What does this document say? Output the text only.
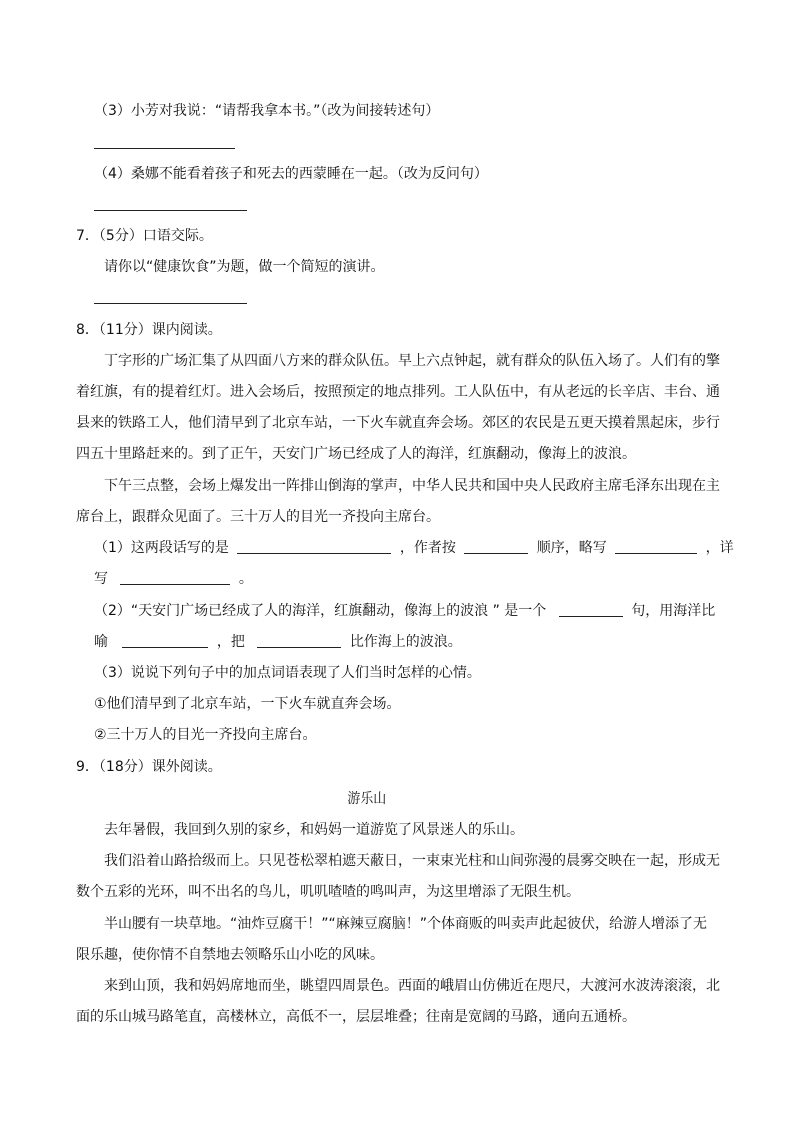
（3）小芳对我说：“请帮我拿本书。”（改为间接转述句）
（4）桑娜不能看着孩子和死去的西蒙睡在一起。（改为反问句）
7．（5分）口语交际。
请你以“健康饮食”为题，做一个简短的演讲。
8．（11分）课内阅读。
丁字形的广场汇集了从四面八方来的群众队伍。早上六点钟起，就有群众的队伍入场了。人们有的擎
着红旗，有的提着红灯。进入会场后，按照预定的地点排列。工人队伍中，有从老远的长辛店、丰台、通
县来的铁路工人，他们清早到了北京车站，一下火车就直奔会场。郊区的农民是五更天摸着黑起床，步行
四五十里路赶来的。到了正午，天安门广场已经成了人的海洋，红旗翻动，像海上的波浪。
下午三点整，会场上爆发出一阵排山倒海的掌声，中华人民共和国中央人民政府主席毛泽东出现在主
席台上，跟群众见面了。三十万人的目光一齐投向主席台。
（1）这两段话写的是	，作者按	顺序，略写	，详
写	。
（2）“天安门广场已经成了人的海洋，红旗翻动，像海上的波浪 ” 是一个	句，用海洋比
喻	，把	比作海上的波浪。
（3）说说下列句子中的加点词语表现了人们当时怎样的心情。
①他们清早到了北京车站，一下火车就直奔会场。
②三十万人的目光一齐投向主席台。
9．（18分）课外阅读。
游乐山
去年暑假，我回到久别的家乡，和妈妈一道游览了风景迷人的乐山。
我们沿着山路拾级而上。只见苍松翠柏遮天蔽日，一束束光柱和山间弥漫的晨雾交映在一起，形成无
数个五彩的光环，叫不出名的鸟儿，叽叽喳喳的鸣叫声，为这里增添了无限生机。
半山腰有一块草地。“油炸豆腐干！”“麻辣豆腐脑！”个体商贩的叫卖声此起彼伏，给游人增添了无
限乐趣，使你情不自禁地去领略乐山小吃的风味。
来到山顶，我和妈妈席地而坐，眺望四周景色。西面的峨眉山仿佛近在咫尺，大渡河水波涛滚滚，北
面的乐山城马路笔直，高楼林立，高低不一，层层堆叠；往南是宽阔的马路，通向五通桥。
